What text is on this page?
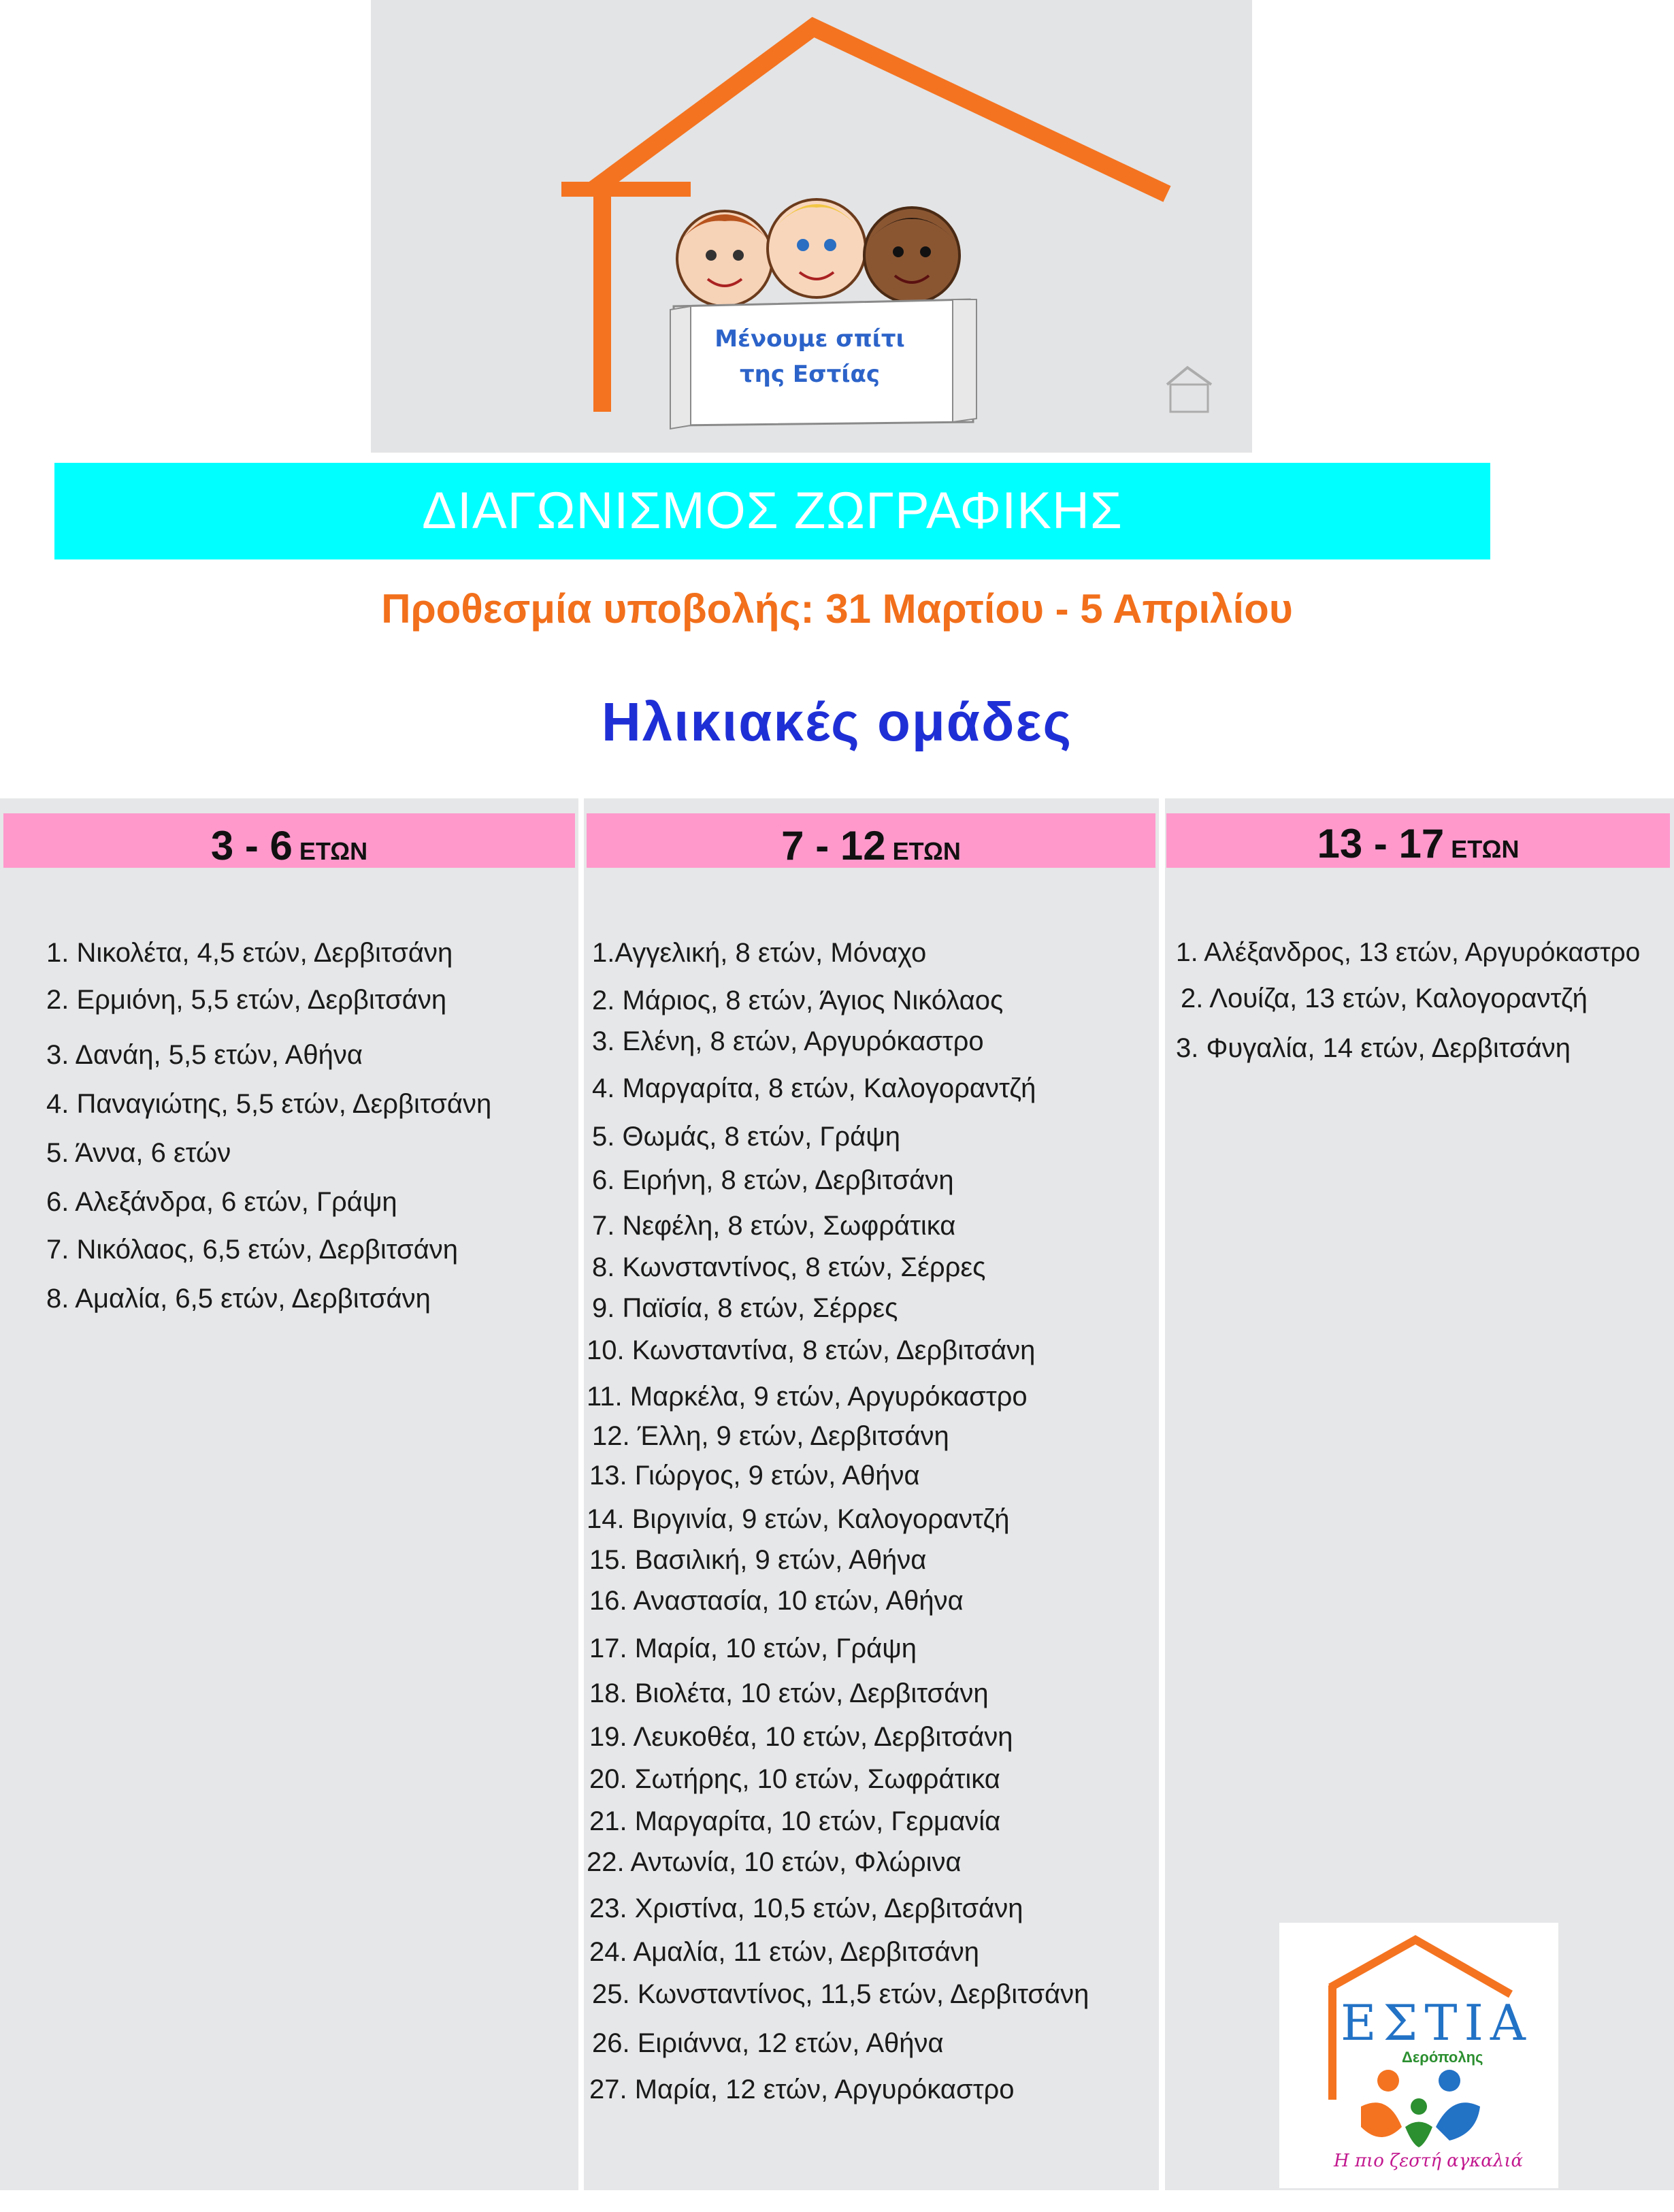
Μένουμε σπίτι
της Εστίας
ΔΙΑΓΩΝΙΣΜΟΣ ΖΩΓΡΑΦΙΚΗΣ
Προθεσμία υποβολής: 31 Μαρτίου - 5 Απριλίου
Ηλικιακές ομάδες
3 - 6 ΕΤΩΝ
1. Νικολέτα, 4,5 ετών, Δερβιτσάνη
2. Ερμιόνη, 5,5 ετών, Δερβιτσάνη
3. Δανάη, 5,5 ετών, Αθήνα
4. Παναγιώτης, 5,5 ετών, Δερβιτσάνη
5. Άννα, 6 ετών
6. Αλεξάνδρα, 6 ετών, Γράψη
7. Νικόλαος, 6,5 ετών, Δερβιτσάνη
8. Αμαλία, 6,5 ετών, Δερβιτσάνη
7 - 12 ΕΤΩΝ
1.Αγγελική, 8 ετών, Μόναχο
2. Μάριος, 8 ετών, Άγιος Νικόλαος
3. Ελένη, 8 ετών, Αργυρόκαστρο
4. Μαργαρίτα, 8 ετών, Καλογοραντζή
5. Θωμάς, 8 ετών, Γράψη
6. Ειρήνη, 8 ετών, Δερβιτσάνη
7. Νεφέλη, 8 ετών, Σωφράτικα
8. Κωνσταντίνος, 8 ετών, Σέρρες
9. Παϊσία, 8 ετών, Σέρρες
10. Κωνσταντίνα, 8 ετών, Δερβιτσάνη
11. Μαρκέλα, 9 ετών, Αργυρόκαστρο
12. Έλλη, 9 ετών, Δερβιτσάνη
13. Γιώργος, 9 ετών, Αθήνα
14. Βιργινία, 9 ετών, Καλογοραντζή
15. Βασιλική, 9 ετών, Αθήνα
16. Αναστασία, 10 ετών, Αθήνα
17. Μαρία, 10 ετών, Γράψη
18. Βιολέτα, 10 ετών, Δερβιτσάνη
19. Λευκοθέα, 10 ετών, Δερβιτσάνη
20. Σωτήρης, 10 ετών, Σωφράτικα
21. Μαργαρίτα, 10 ετών, Γερμανία
22. Αντωνία, 10 ετών, Φλώρινα
23. Χριστίνα, 10,5 ετών, Δερβιτσάνη
24. Αμαλία, 11 ετών, Δερβιτσάνη
25. Κωνσταντίνος, 11,5 ετών, Δερβιτσάνη
26. Ειριάννα, 12 ετών, Αθήνα
27. Μαρία, 12 ετών, Αργυρόκαστρο
13 - 17 ΕΤΩΝ
1. Αλέξανδρος, 13 ετών, Αργυρόκαστρο
2. Λουίζα, 13 ετών, Καλογοραντζή
3. Φυγαλία, 14 ετών, Δερβιτσάνη
ΕΣΤΙΑ
Δερόπολης
Η πιο ζεστή αγκαλιά
